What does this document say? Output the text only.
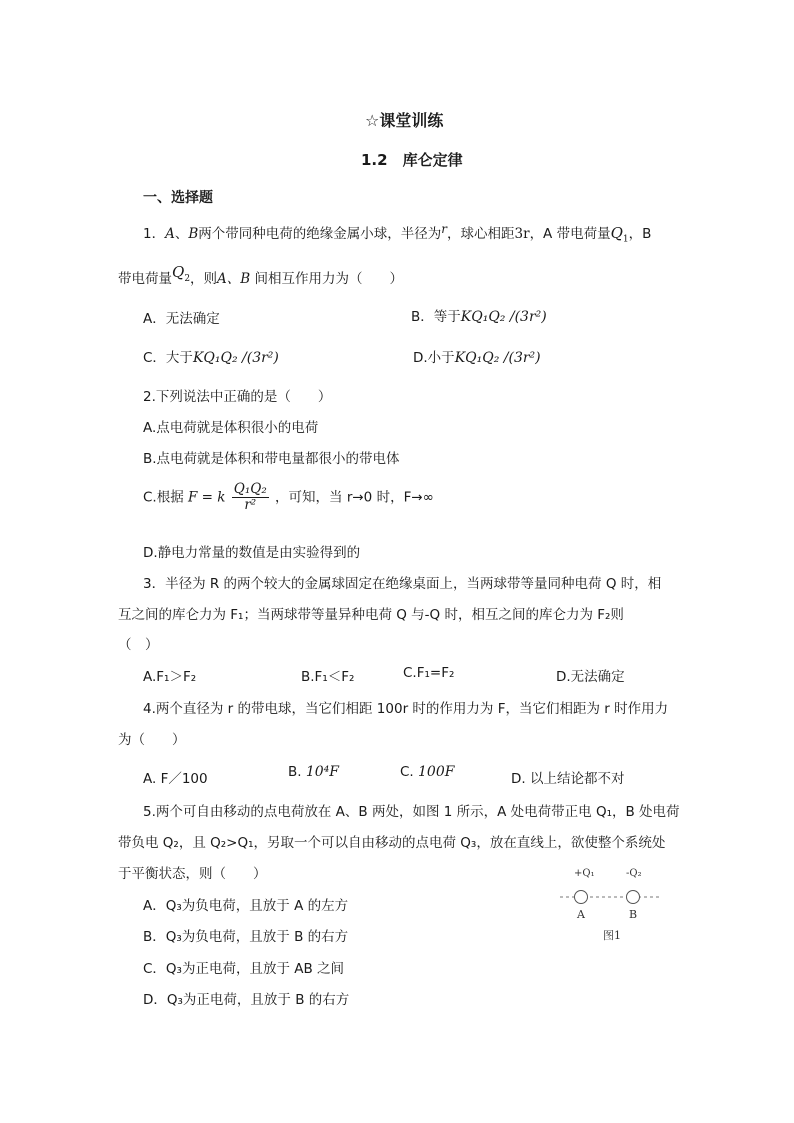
☆课堂训练
1.2　库仑定律
一、选择题
1．A、B两个带同种电荷的绝缘金属小球，半径为r，球心相距3r，A 带电荷量$Q_1$，B
带电荷量$Q_2$，则A、B 间相互作用力为（　　）
A．无法确定	B．等于KQ₁Q₂ /(3r²)
C．大于KQ₁Q₂ /(3r²)	D.小于KQ₁Q₂ /(3r²)
2.下列说法中正确的是（　　）
A.点电荷就是体积很小的电荷
B.点电荷就是体积和带电量都很小的带电体
C.根据 F = k $\frac{\text{Q₁Q₂}}{\text{r²}}$ ，可知，当 r→0 时，F→∞
D.静电力常量的数值是由实验得到的
3．半径为 R 的两个较大的金属球固定在绝缘桌面上，当两球带等量同种电荷 Q 时，相
互之间的库仑力为 F₁；当两球带等量异种电荷 Q 与-Q 时，相互之间的库仑力为 F₂则
（　）
A.F₁＞F₂	B.F₁＜F₂	C.F₁=F₂	D.无法确定
4.两个直径为 r 的带电球，当它们相距 100r 时的作用力为 F，当它们相距为 r 时作用力
为（　　）
A. F／100	B. 10⁴F	C. 100F	D. 以上结论都不对
5.两个可自由移动的点电荷放在 A、B 两处，如图 1 所示，A 处电荷带正电 Q₁，B 处电荷
带负电 Q₂，且 Q₂>Q₁，另取一个可以自由移动的点电荷 Q₃，放在直线上，欲使整个系统处
于平衡状态，则（　　）
A．Q₃为负电荷，且放于 A 的左方
B．Q₃为负电荷，且放于 B 的右方
C．Q₃为正电荷，且放于 AB 之间
D．Q₃为正电荷，且放于 B 的右方
+Q₁	-Q₂
A	B
图1
